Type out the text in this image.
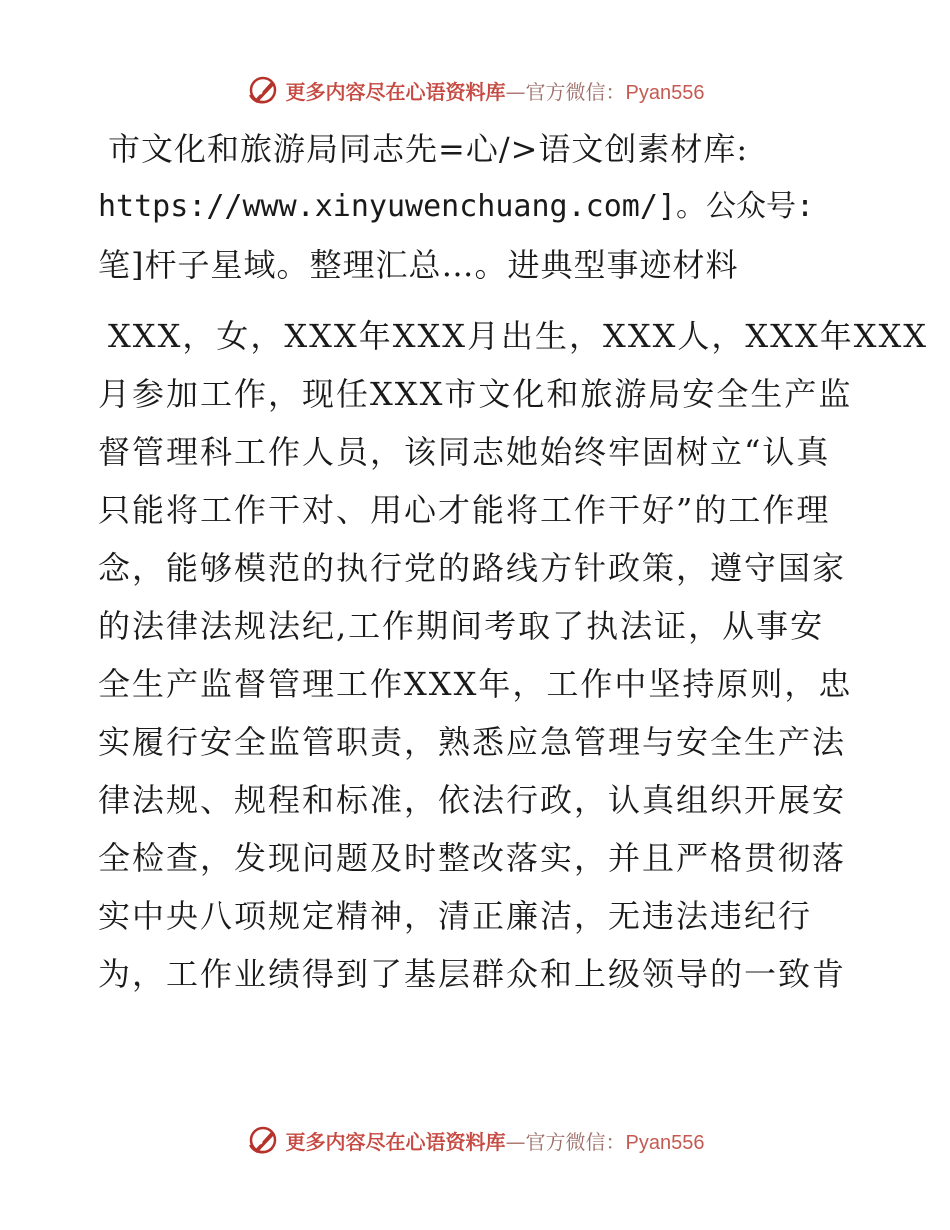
更多内容尽在心语资料库—官方微信：Pyan556
市文化和旅游局同志先=心/>语文创素材库:
https://www.xinyuwenchuang.com/]。公众号:
笔]杆子星域。整理汇总…。进典型事迹材料
XXX，女，XXX年XXX月出生，XXX人，XXX年XXX
月参加工作，现任XXX市文化和旅游局安全生产监
督管理科工作人员，该同志她始终牢固树立“认真
只能将工作干对、用心才能将工作干好”的工作理
念，能够模范的执行党的路线方针政策，遵守国家
的法律法规法纪,工作期间考取了执法证，从事安
全生产监督管理工作XXX年，工作中坚持原则，忠
实履行安全监管职责，熟悉应急管理与安全生产法
律法规、规程和标准，依法行政，认真组织开展安
全检查，发现问题及时整改落实，并且严格贯彻落
实中央八项规定精神，清正廉洁，无违法违纪行
为，工作业绩得到了基层群众和上级领导的一致肯
更多内容尽在心语资料库—官方微信：Pyan556
